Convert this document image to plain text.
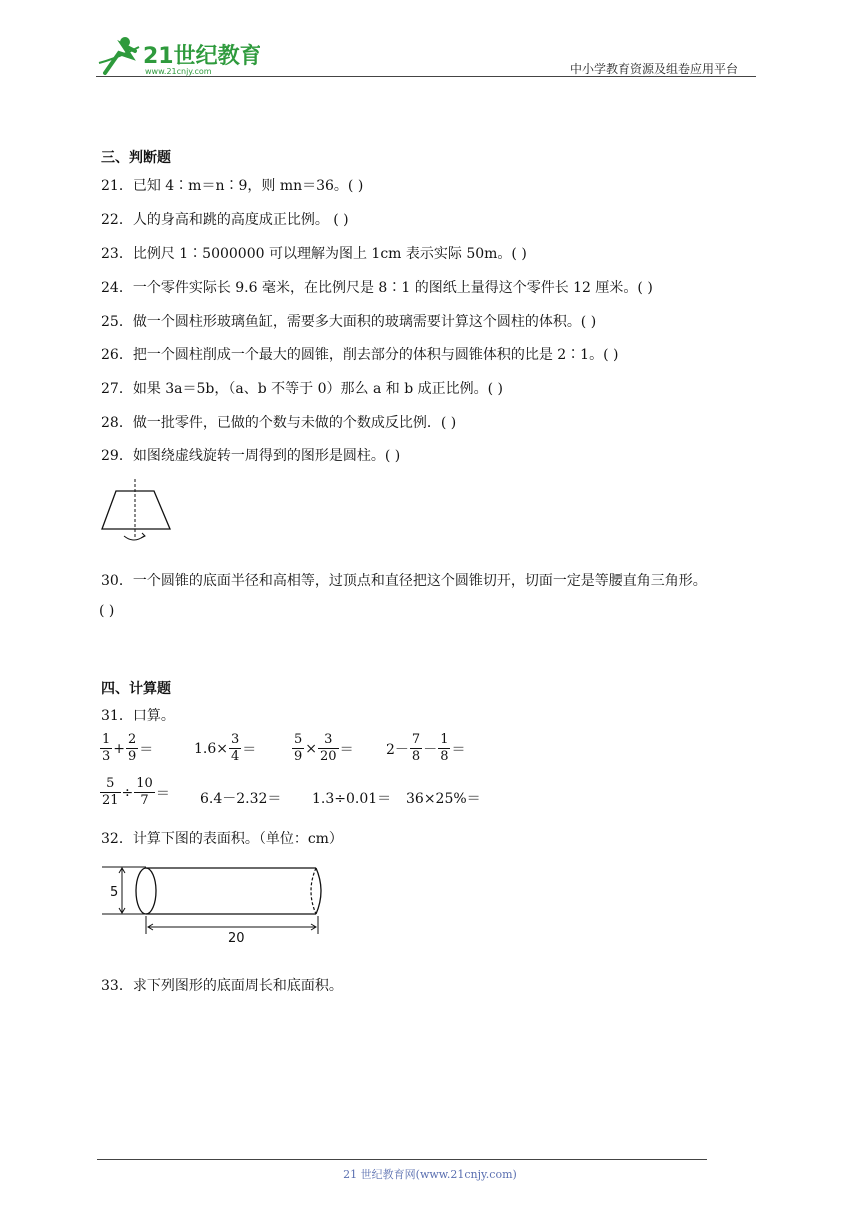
21世纪教育
www.21cnjy.com	中小学教育资源及组卷应用平台
三、判断题
21．已知 4∶m＝n∶9，则 mn＝36。( )
22．人的身高和跳的高度成正比例。 ( )
23．比例尺 1∶5000000 可以理解为图上 1cm 表示实际 50m。( )
24．一个零件实际长 9.6 毫米，在比例尺是 8∶1 的图纸上量得这个零件长 12 厘米。( )
25．做一个圆柱形玻璃鱼缸，需要多大面积的玻璃需要计算这个圆柱的体积。( )
26．把一个圆柱削成一个最大的圆锥，削去部分的体积与圆锥体积的比是 2∶1。( )
27．如果 3a＝5b，（a、b 不等于 0）那么 a 和 b 成正比例。( )
28．做一批零件，已做的个数与未做的个数成反比例．( )
29．如图绕虚线旋转一周得到的图形是圆柱。( )
30．一个圆锥的底面半径和高相等，过顶点和直径把这个圆锥切开，切面一定是等腰直角三角形。
( )
四、计算题
31．口算。
$\frac{1}{3} + \frac{2}{9}$ ＝	$1.6\times \frac{3}{4}$ ＝	$\frac{5}{9} \times \frac{3}{20} = 2- \frac{7}{8} - \frac{1}{8}$ ＝
$\frac{5}{21} \div \frac{10}{7} = 6.4-2.32= 1.3\div 0.01= 36\times 25\%=$
32．计算下图的表面积。（单位：cm）
5
20
33．求下列图形的底面周长和底面积。
21 世纪教育网(www.21cnjy.com)
